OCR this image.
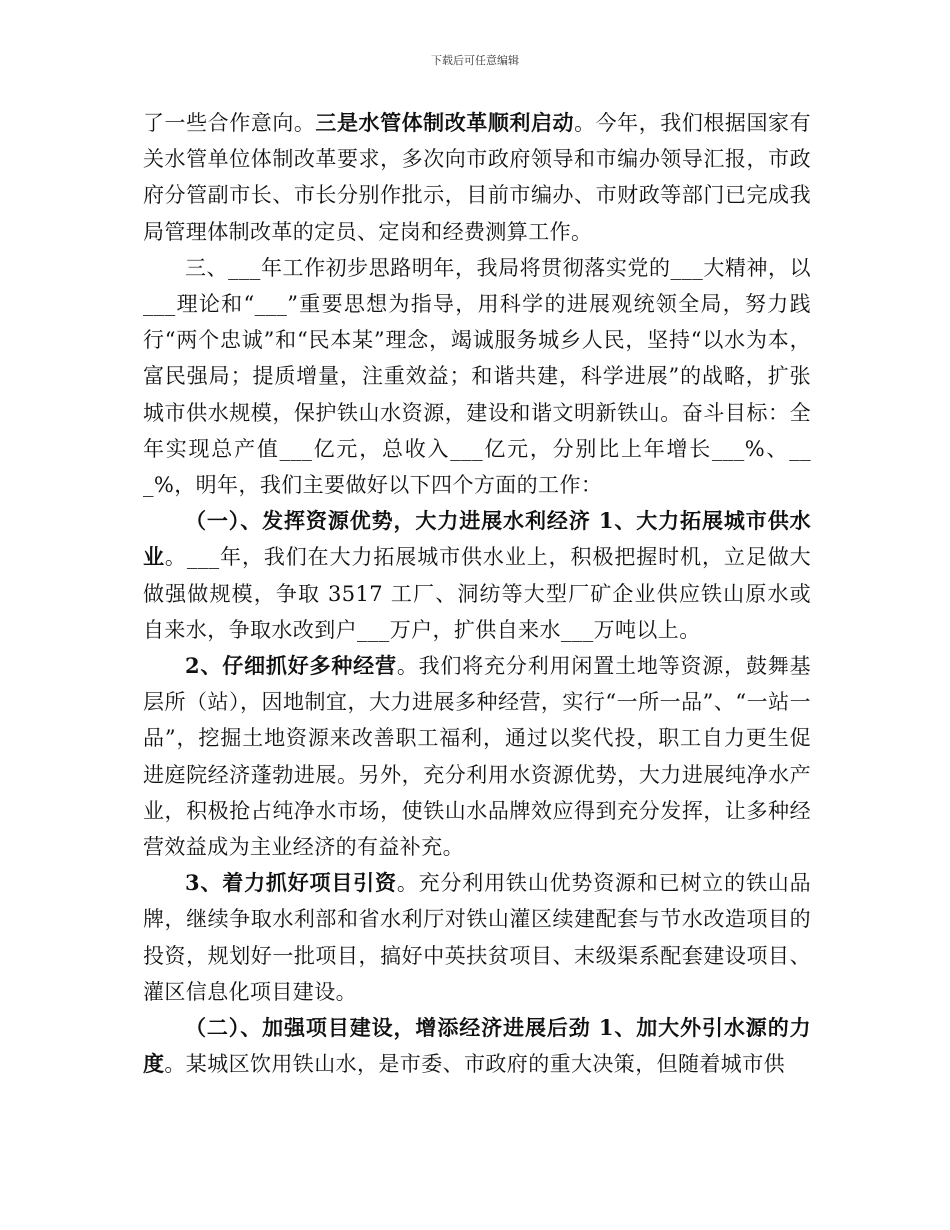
下载后可任意编辑

了一些合作意向。三是水管体制改革顺利启动。今年，我们根据国家有关水管单位体制改革要求，多次向市政府领导和市编办领导汇报，市政府分管副市长、市长分别作批示，目前市编办、市财政等部门已完成我局管理体制改革的定员、定岗和经费测算工作。

三、___年工作初步思路明年，我局将贯彻落实党的___大精神，以___理论和“___”重要思想为指导，用科学的进展观统领全局，努力践行“两个忠诚”和“民本某”理念，竭诚服务城乡人民，坚持“以水为本，富民强局；提质增量，注重效益；和谐共建，科学进展”的战略，扩张城市供水规模，保护铁山水资源，建设和谐文明新铁山。奋斗目标：全年实现总产值___亿元，总收入___亿元，分别比上年增长___%、___%，明年，我们主要做好以下四个方面的工作：

（一）、发挥资源优势，大力进展水利经济 1、大力拓展城市供水业。___年，我们在大力拓展城市供水业上，积极把握时机，立足做大做强做规模，争取 3517 工厂、洞纺等大型厂矿企业供应铁山原水或自来水，争取水改到户___万户，扩供自来水___万吨以上。

2、仔细抓好多种经营。我们将充分利用闲置土地等资源，鼓舞基层所（站），因地制宜，大力进展多种经营，实行“一所一品”、“一站一品”，挖掘土地资源来改善职工福利，通过以奖代投，职工自力更生促进庭院经济蓬勃进展。另外，充分利用水资源优势，大力进展纯净水产业，积极抢占纯净水市场，使铁山水品牌效应得到充分发挥，让多种经营效益成为主业经济的有益补充。

3、着力抓好项目引资。充分利用铁山优势资源和已树立的铁山品牌，继续争取水利部和省水利厅对铁山灌区续建配套与节水改造项目的投资，规划好一批项目，搞好中英扶贫项目、末级渠系配套建设项目、灌区信息化项目建设。

（二）、加强项目建设，增添经济进展后劲 1、加大外引水源的力度。某城区饮用铁山水，是市委、市政府的重大决策，但随着城市供
